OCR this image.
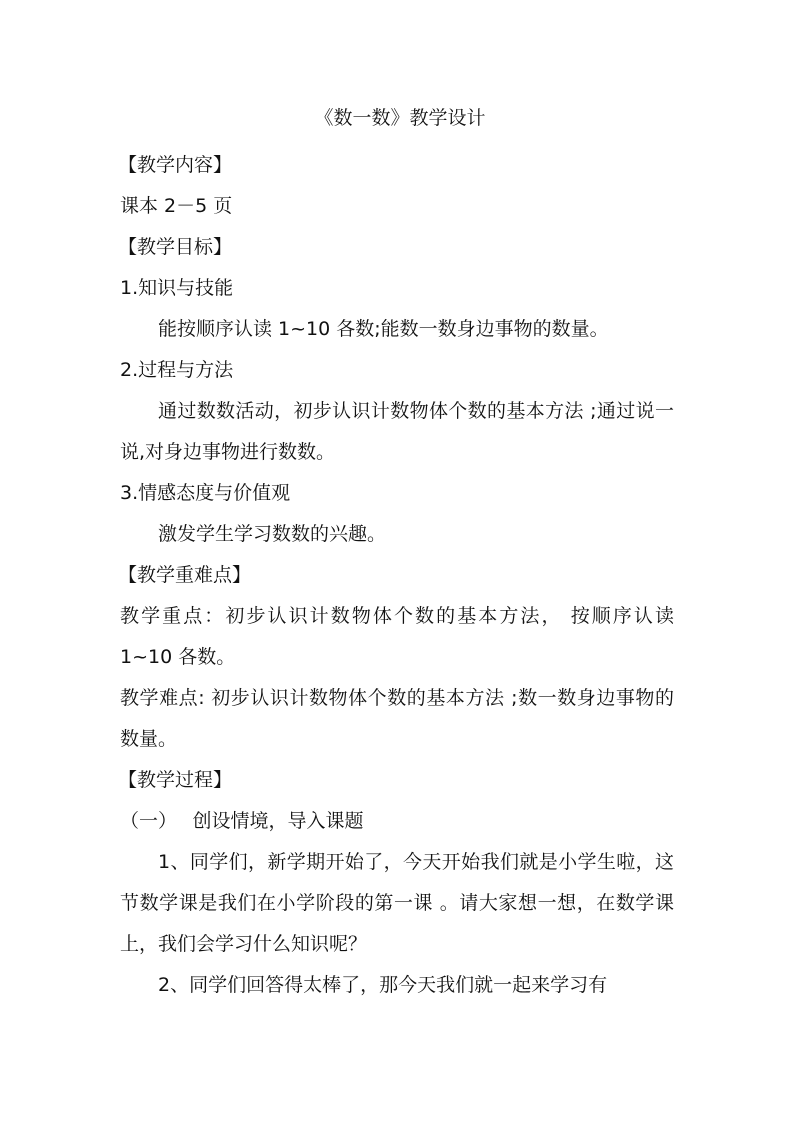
《数一数》教学设计

【教学内容】

课本 2－5 页

【教学目标】

1.知识与技能

能按顺序认读 1~10 各数;能数一数身边事物的数量。

2.过程与方法

通过数数活动，初步认识计数物体个数的基本方法 ;通过说一说,对身边事物进行数数。

3.情感态度与价值观

激发学生学习数数的兴趣。

【教学重难点】

教学重点：初步认识计数物体个数的基本方法， 按顺序认读 1~10 各数。

教学难点: 初步认识计数物体个数的基本方法 ;数一数身边事物的数量。

【教学过程】

（一）　 创设情境，导入课题

1、同学们，新学期开始了，今天开始我们就是小学生啦，这节数学课是我们在小学阶段的第一课 。请大家想一想，在数学课上，我们会学习什么知识呢？

2、同学们回答得太棒了，那今天我们就一起来学习有
